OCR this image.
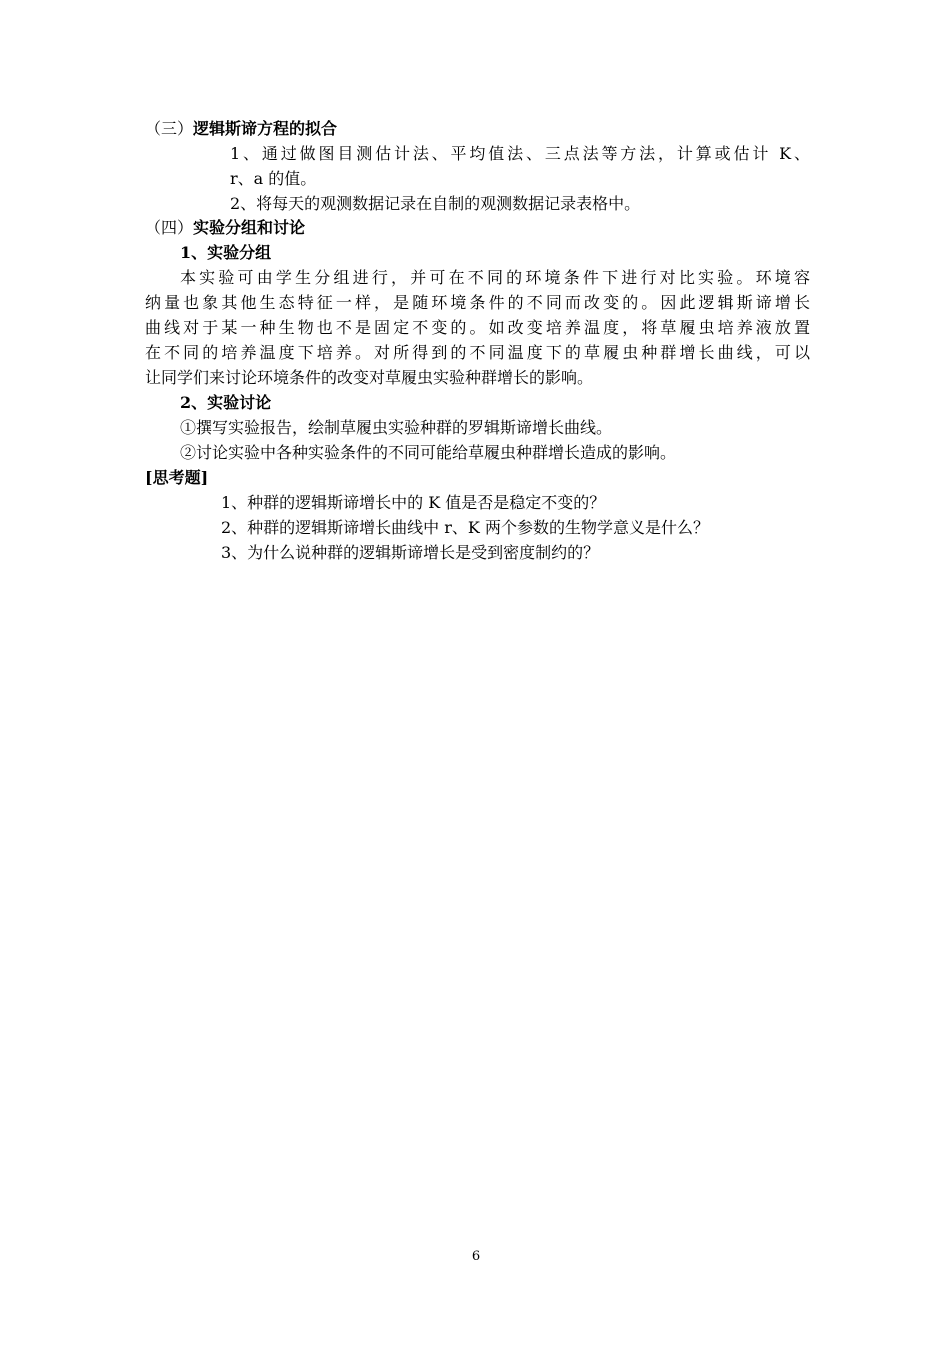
（三）逻辑斯谛方程的拟合
1、通过做图目测估计法、平均值法、三点法等方法，计算或估计 K、
r、a 的值。
2、将每天的观测数据记录在自制的观测数据记录表格中。
（四）实验分组和讨论
1、实验分组
本实验可由学生分组进行，并可在不同的环境条件下进行对比实验。环境容
纳量也象其他生态特征一样，是随环境条件的不同而改变的。因此逻辑斯谛增长
曲线对于某一种生物也不是固定不变的。如改变培养温度，将草履虫培养液放置
在不同的培养温度下培养。对所得到的不同温度下的草履虫种群增长曲线，可以
让同学们来讨论环境条件的改变对草履虫实验种群增长的影响。
2、实验讨论
①撰写实验报告，绘制草履虫实验种群的罗辑斯谛增长曲线。
②讨论实验中各种实验条件的不同可能给草履虫种群增长造成的影响。
[思考题]
1、种群的逻辑斯谛增长中的 K 值是否是稳定不变的？
2、种群的逻辑斯谛增长曲线中 r、K 两个参数的生物学意义是什么？
3、为什么说种群的逻辑斯谛增长是受到密度制约的？
6
